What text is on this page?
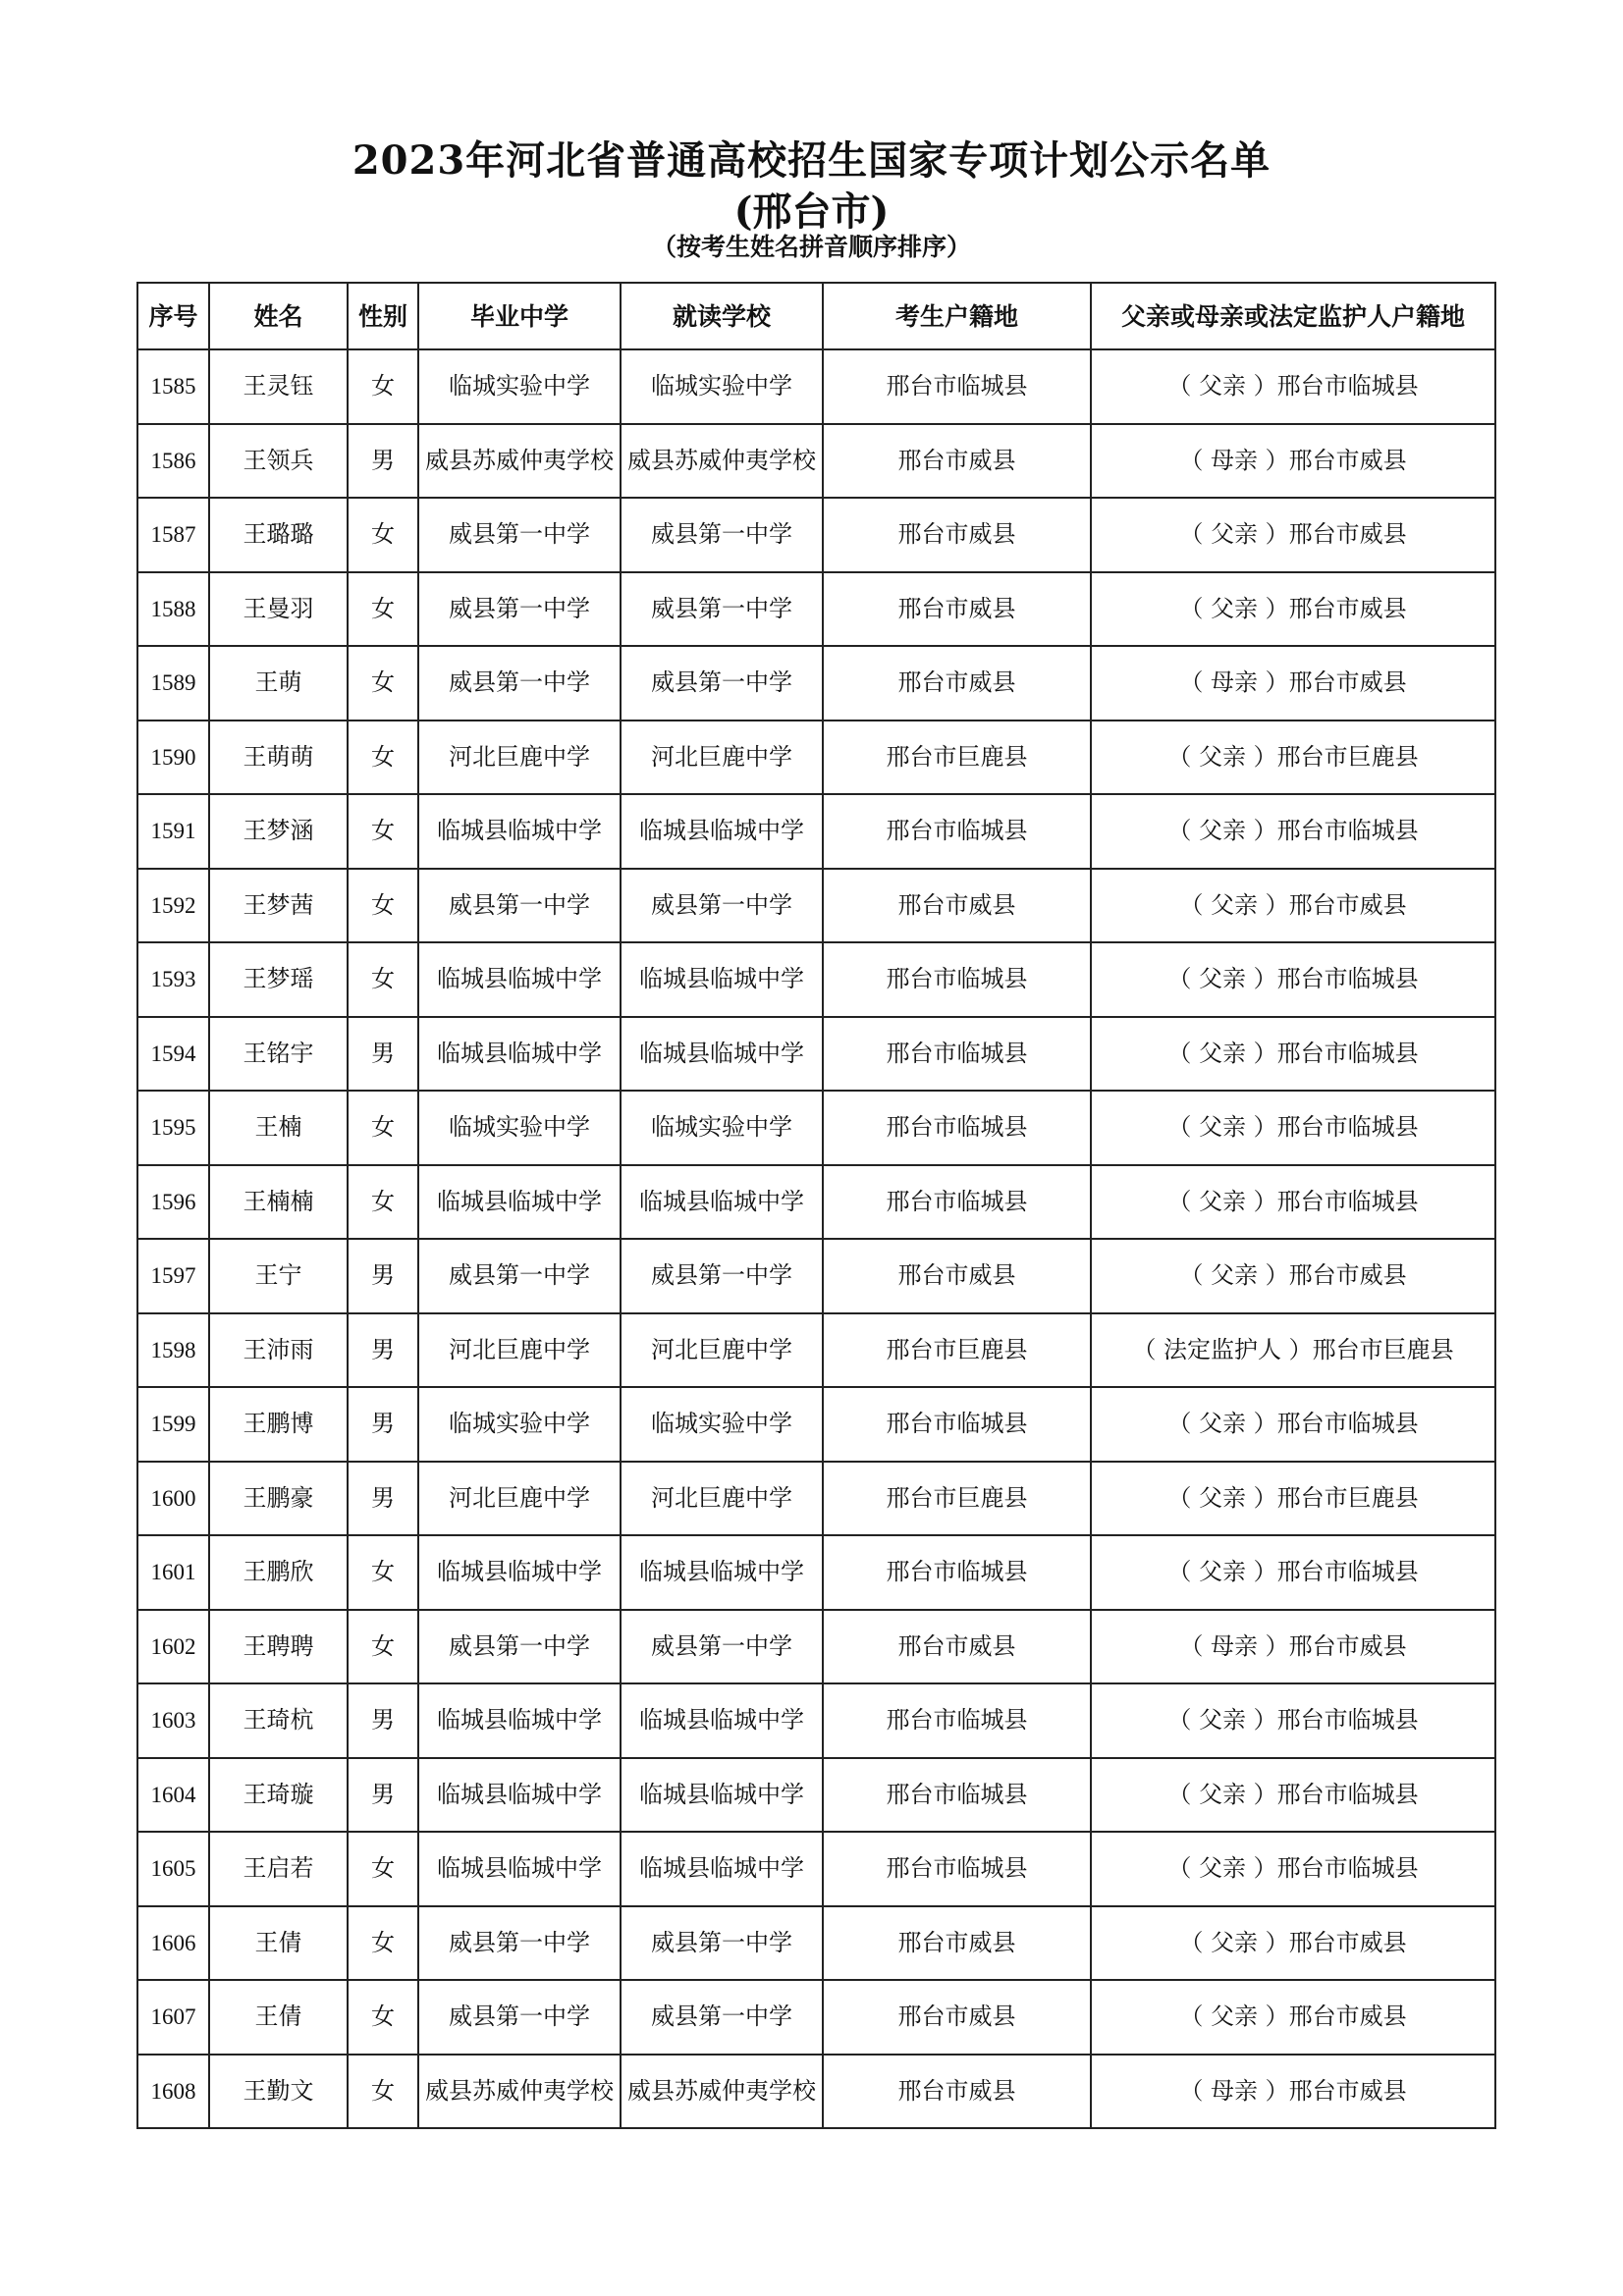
2023年河北省普通高校招生国家专项计划公示名单
(邢台市)
（按考生姓名拼音顺序排序）
序号	姓名	性别	毕业中学	就读学校	考生户籍地	父亲或母亲或法定监护人户籍地
1585	王灵钰	女	临城实验中学	临城实验中学	邢台市临城县	（ 父亲 ）邢台市临城县
1586	王领兵	男	威县苏威仲夷学校	威县苏威仲夷学校	邢台市威县	（ 母亲 ）邢台市威县
1587	王璐璐	女	威县第一中学	威县第一中学	邢台市威县	（ 父亲 ）邢台市威县
1588	王曼羽	女	威县第一中学	威县第一中学	邢台市威县	（ 父亲 ）邢台市威县
1589	王萌	女	威县第一中学	威县第一中学	邢台市威县	（ 母亲 ）邢台市威县
1590	王萌萌	女	河北巨鹿中学	河北巨鹿中学	邢台市巨鹿县	（ 父亲 ）邢台市巨鹿县
1591	王梦涵	女	临城县临城中学	临城县临城中学	邢台市临城县	（ 父亲 ）邢台市临城县
1592	王梦茜	女	威县第一中学	威县第一中学	邢台市威县	（ 父亲 ）邢台市威县
1593	王梦瑶	女	临城县临城中学	临城县临城中学	邢台市临城县	（ 父亲 ）邢台市临城县
1594	王铭宇	男	临城县临城中学	临城县临城中学	邢台市临城县	（ 父亲 ）邢台市临城县
1595	王楠	女	临城实验中学	临城实验中学	邢台市临城县	（ 父亲 ）邢台市临城县
1596	王楠楠	女	临城县临城中学	临城县临城中学	邢台市临城县	（ 父亲 ）邢台市临城县
1597	王宁	男	威县第一中学	威县第一中学	邢台市威县	（ 父亲 ）邢台市威县
1598	王沛雨	男	河北巨鹿中学	河北巨鹿中学	邢台市巨鹿县	（ 法定监护人 ）邢台市巨鹿县
1599	王鹏博	男	临城实验中学	临城实验中学	邢台市临城县	（ 父亲 ）邢台市临城县
1600	王鹏豪	男	河北巨鹿中学	河北巨鹿中学	邢台市巨鹿县	（ 父亲 ）邢台市巨鹿县
1601	王鹏欣	女	临城县临城中学	临城县临城中学	邢台市临城县	（ 父亲 ）邢台市临城县
1602	王聘聘	女	威县第一中学	威县第一中学	邢台市威县	（ 母亲 ）邢台市威县
1603	王琦杭	男	临城县临城中学	临城县临城中学	邢台市临城县	（ 父亲 ）邢台市临城县
1604	王琦璇	男	临城县临城中学	临城县临城中学	邢台市临城县	（ 父亲 ）邢台市临城县
1605	王启若	女	临城县临城中学	临城县临城中学	邢台市临城县	（ 父亲 ）邢台市临城县
1606	王倩	女	威县第一中学	威县第一中学	邢台市威县	（ 父亲 ）邢台市威县
1607	王倩	女	威县第一中学	威县第一中学	邢台市威县	（ 父亲 ）邢台市威县
1608	王勤文	女	威县苏威仲夷学校	威县苏威仲夷学校	邢台市威县	（ 母亲 ）邢台市威县
